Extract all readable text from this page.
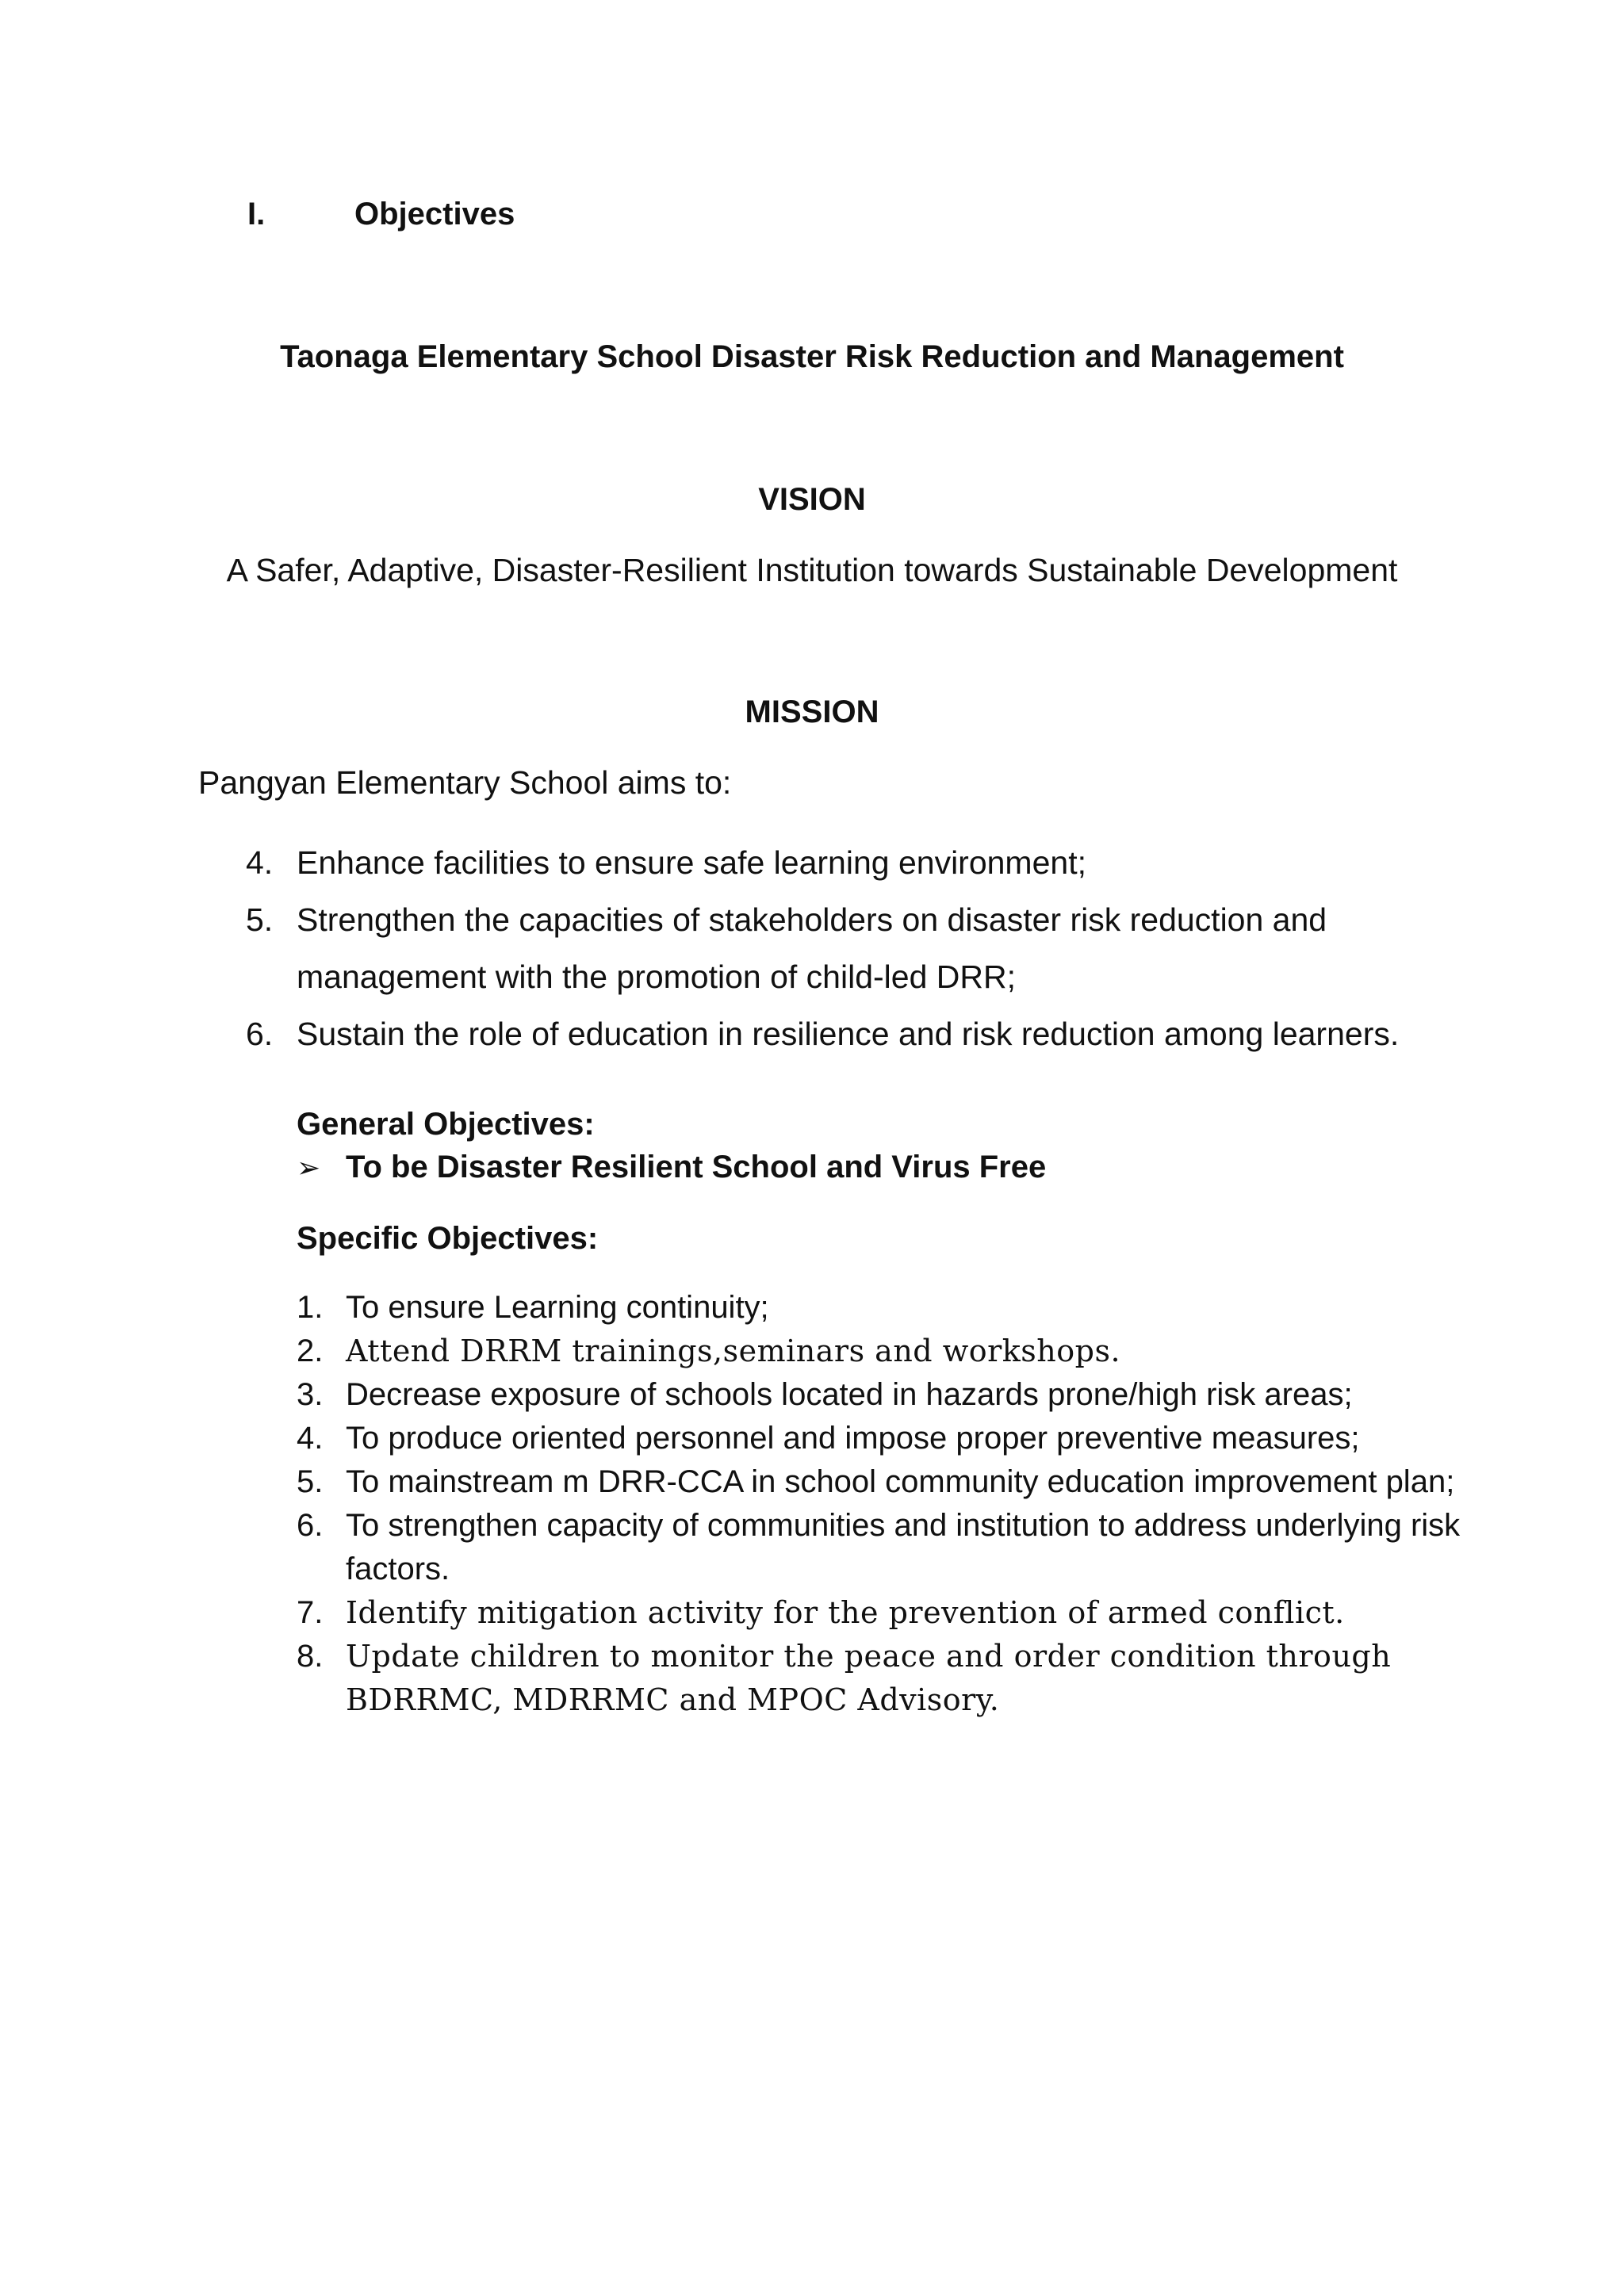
I.	Objectives

Taonaga Elementary School Disaster Risk Reduction and Management

VISION

A Safer, Adaptive, Disaster-Resilient Institution towards Sustainable Development

MISSION

Pangyan Elementary School aims to:

4. Enhance facilities to ensure safe learning environment;
5. Strengthen the capacities of stakeholders on disaster risk reduction and management with the promotion of child-led DRR;
6. Sustain the role of education in resilience and risk reduction among learners.

General Objectives:

➢ To be Disaster Resilient School and Virus Free

Specific Objectives:

1. To ensure Learning continuity;
2. Attend DRRM trainings,seminars and workshops.
3. Decrease exposure of schools located in hazards prone/high risk areas;
4. To produce oriented personnel and impose proper preventive measures;
5. To mainstream m DRR-CCA in school community education improvement plan;
6. To strengthen capacity of communities and institution to address underlying risk factors.
7. Identify mitigation activity for the prevention of armed conflict.
8. Update children to monitor the peace and order condition through BDRRMC, MDRRMC and MPOC Advisory.
